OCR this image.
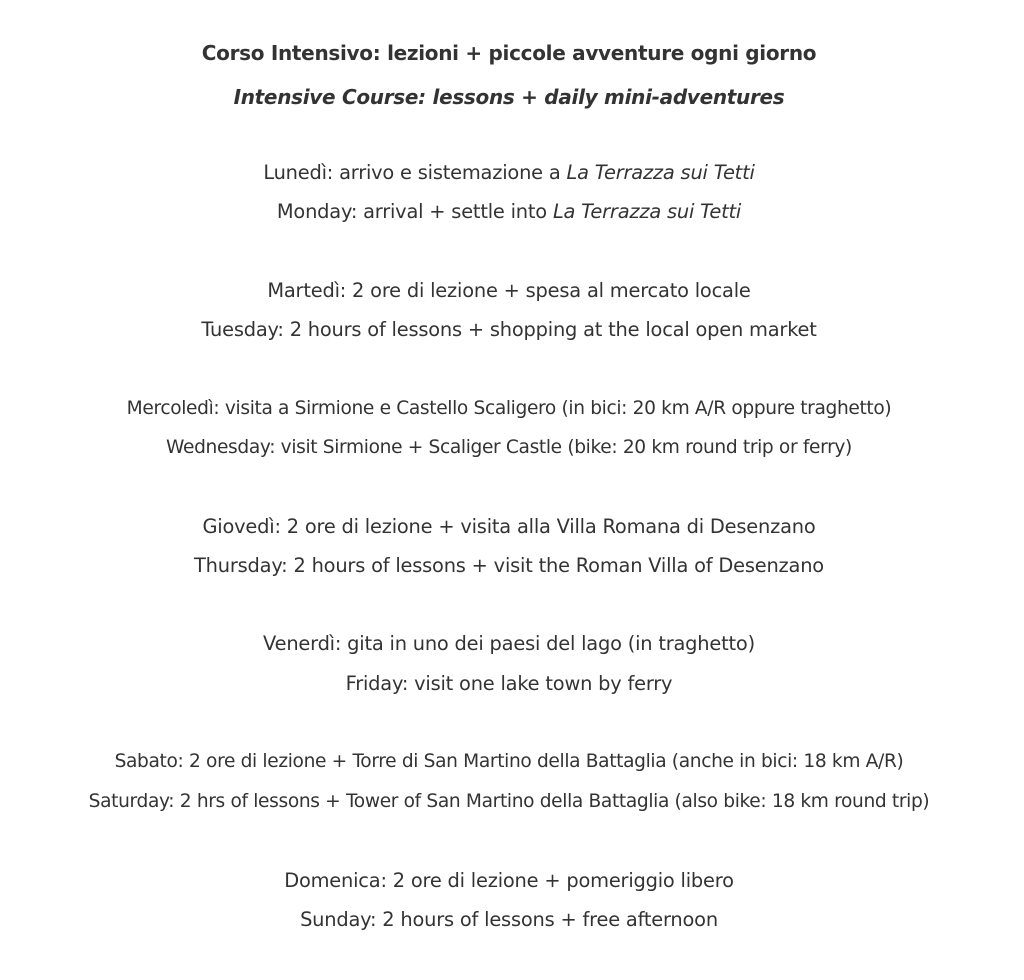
Corso Intensivo: lezioni + piccole avventure ogni giorno
Intensive Course: lessons + daily mini-adventures
Lunedì: arrivo e sistemazione a La Terrazza sui Tetti
Monday: arrival + settle into La Terrazza sui Tetti
Martedì: 2 ore di lezione + spesa al mercato locale
Tuesday: 2 hours of lessons + shopping at the local open market
Mercoledì: visita a Sirmione e Castello Scaligero (in bici: 20 km A/R oppure traghetto)
Wednesday: visit Sirmione + Scaliger Castle (bike: 20 km round trip or ferry)
Giovedì: 2 ore di lezione + visita alla Villa Romana di Desenzano
Thursday: 2 hours of lessons + visit the Roman Villa of Desenzano
Venerdì: gita in uno dei paesi del lago (in traghetto)
Friday: visit one lake town by ferry
Sabato: 2 ore di lezione + Torre di San Martino della Battaglia (anche in bici: 18 km A/R)
Saturday: 2 hrs of lessons + Tower of San Martino della Battaglia (also bike: 18 km round trip)
Domenica: 2 ore di lezione + pomeriggio libero
Sunday: 2 hours of lessons + free afternoon
